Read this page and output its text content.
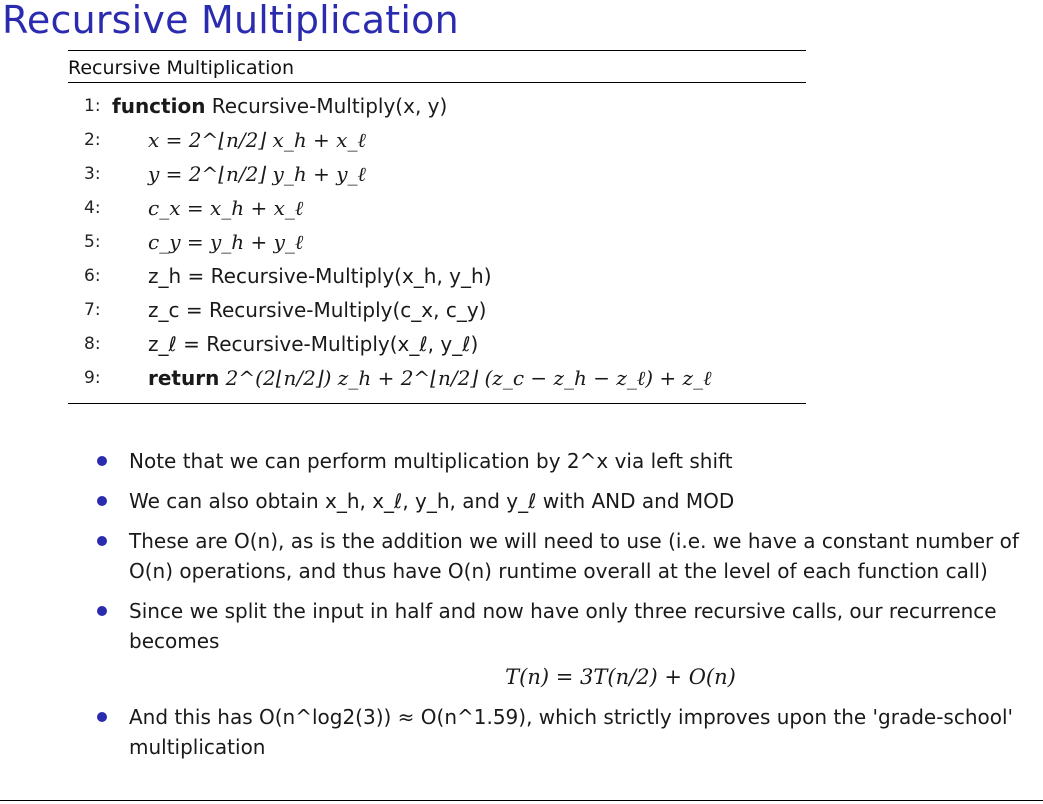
Recursive Multiplication
Recursive Multiplication
1: function Recursive-Multiply(x, y)
2:	x = 2^⌊n/2⌋ x_h + x_ℓ
3:	y = 2^⌊n/2⌋ y_h + y_ℓ
4:	c_x = x_h + x_ℓ
5:	c_y = y_h + y_ℓ
6:	z_h = Recursive-Multiply(x_h, y_h)
7:	z_c = Recursive-Multiply(c_x, c_y)
8:	z_ℓ = Recursive-Multiply(x_ℓ, y_ℓ)
9:	return 2^(2⌊n/2⌋) z_h + 2^⌊n/2⌋ (z_c − z_h − z_ℓ) + z_ℓ
Note that we can perform multiplication by 2^x via left shift
We can also obtain x_h, x_ℓ, y_h, and y_ℓ with AND and MOD
These are O(n), as is the addition we will need to use (i.e. we have a constant number of O(n) operations, and thus have O(n) runtime overall at the level of each function call)
Since we split the input in half and now have only three recursive calls, our recurrence becomes
T(n) = 3T(n/2) + O(n)
And this has O(n^log2(3)) ≈ O(n^1.59), which strictly improves upon the 'grade-school' multiplication
